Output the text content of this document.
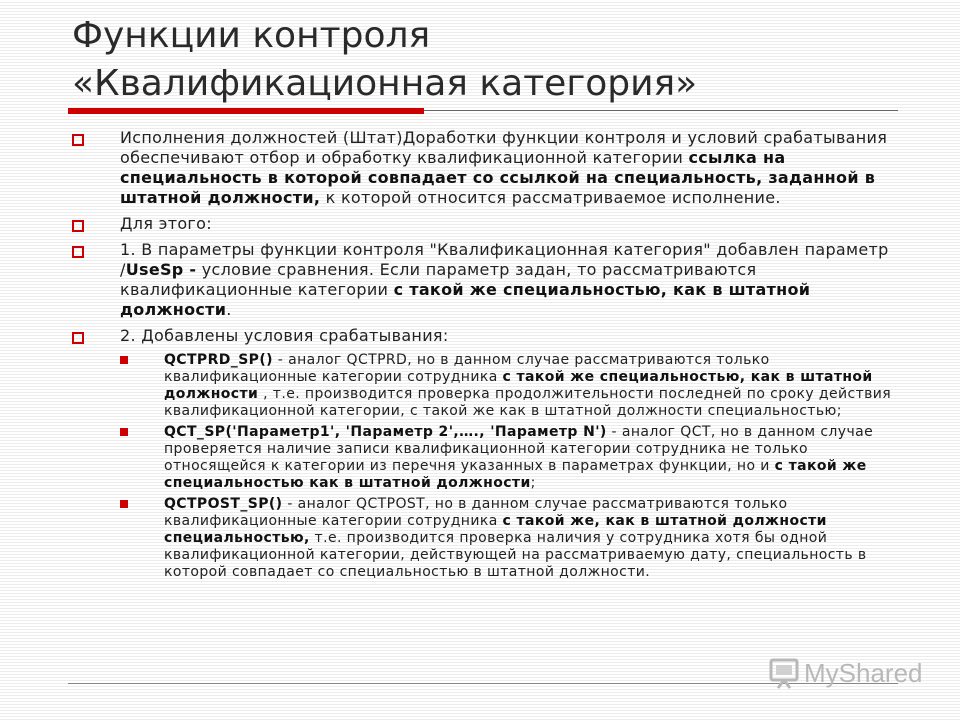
Функции контроля
«Квалификационная категория»
Исполнения должностей (Штат)Доработки функции контроля и условий срабатывания обеспечивают отбор и обработку квалификационной категории ссылка на специальность в которой совпадает со ссылкой на специальность, заданной в штатной должности, к которой относится рассматриваемое исполнение.
Для этого:
1. В параметры функции контроля "Квалификационная категория" добавлен параметр /UseSp - условие сравнения. Если параметр задан, то рассматриваются квалификационные категории с такой же специальностью, как в штатной должности.
2. Добавлены условия срабатывания:
QCTPRD_SP() - аналог QCTPRD, но в данном случае рассматриваются только квалификационные категории сотрудника с такой же специальностью, как в штатной должности , т.е. производится проверка продолжительности последней по сроку действия квалификационной категории, с такой же как в штатной должности специальностью;
QCT_SP('Параметр1', 'Параметр 2',…., 'Параметр N') - аналог QCT, но в данном случае проверяется наличие записи квалификационной категории сотрудника не только относящейся к категории из перечня указанных в параметрах функции, но и с такой же специальностью как в штатной должности;
QCTPOST_SP() - аналог QCTPOST, но в данном случае рассматриваются только квалификационные категории сотрудника с такой же, как в штатной должности специальностью, т.е. производится проверка наличия у сотрудника хотя бы одной квалификационной категории, действующей на рассматриваемую дату, специальность в которой совпадает со специальностью в штатной должности.
MyShared
